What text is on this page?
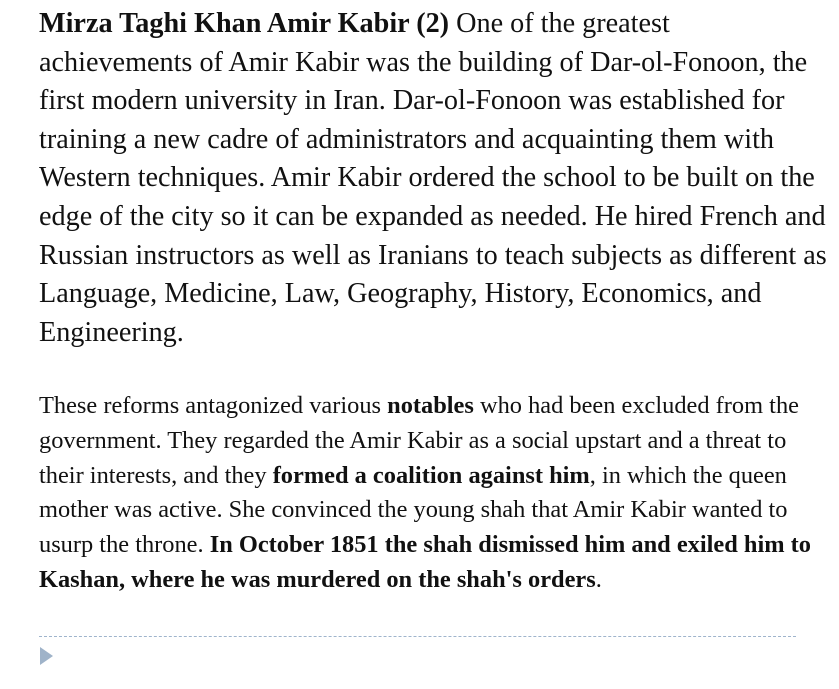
Mirza Taghi Khan Amir Kabir (2) One of the greatest achievements of Amir Kabir was the building of Dar-ol-Fonoon, the first modern university in Iran. Dar-ol-Fonoon was established for training a new cadre of administrators and acquainting them with Western techniques. Amir Kabir ordered the school to be built on the edge of the city so it can be expanded as needed. He hired French and Russian instructors as well as Iranians to teach subjects as different as Language, Medicine, Law, Geography, History, Economics, and Engineering.

These reforms antagonized various notables who had been excluded from the government. They regarded the Amir Kabir as a social upstart and a threat to their interests, and they formed a coalition against him, in which the queen mother was active. She convinced the young shah that Amir Kabir wanted to usurp the throne. In October 1851 the shah dismissed him and exiled him to Kashan, where he was murdered on the shah's orders.
